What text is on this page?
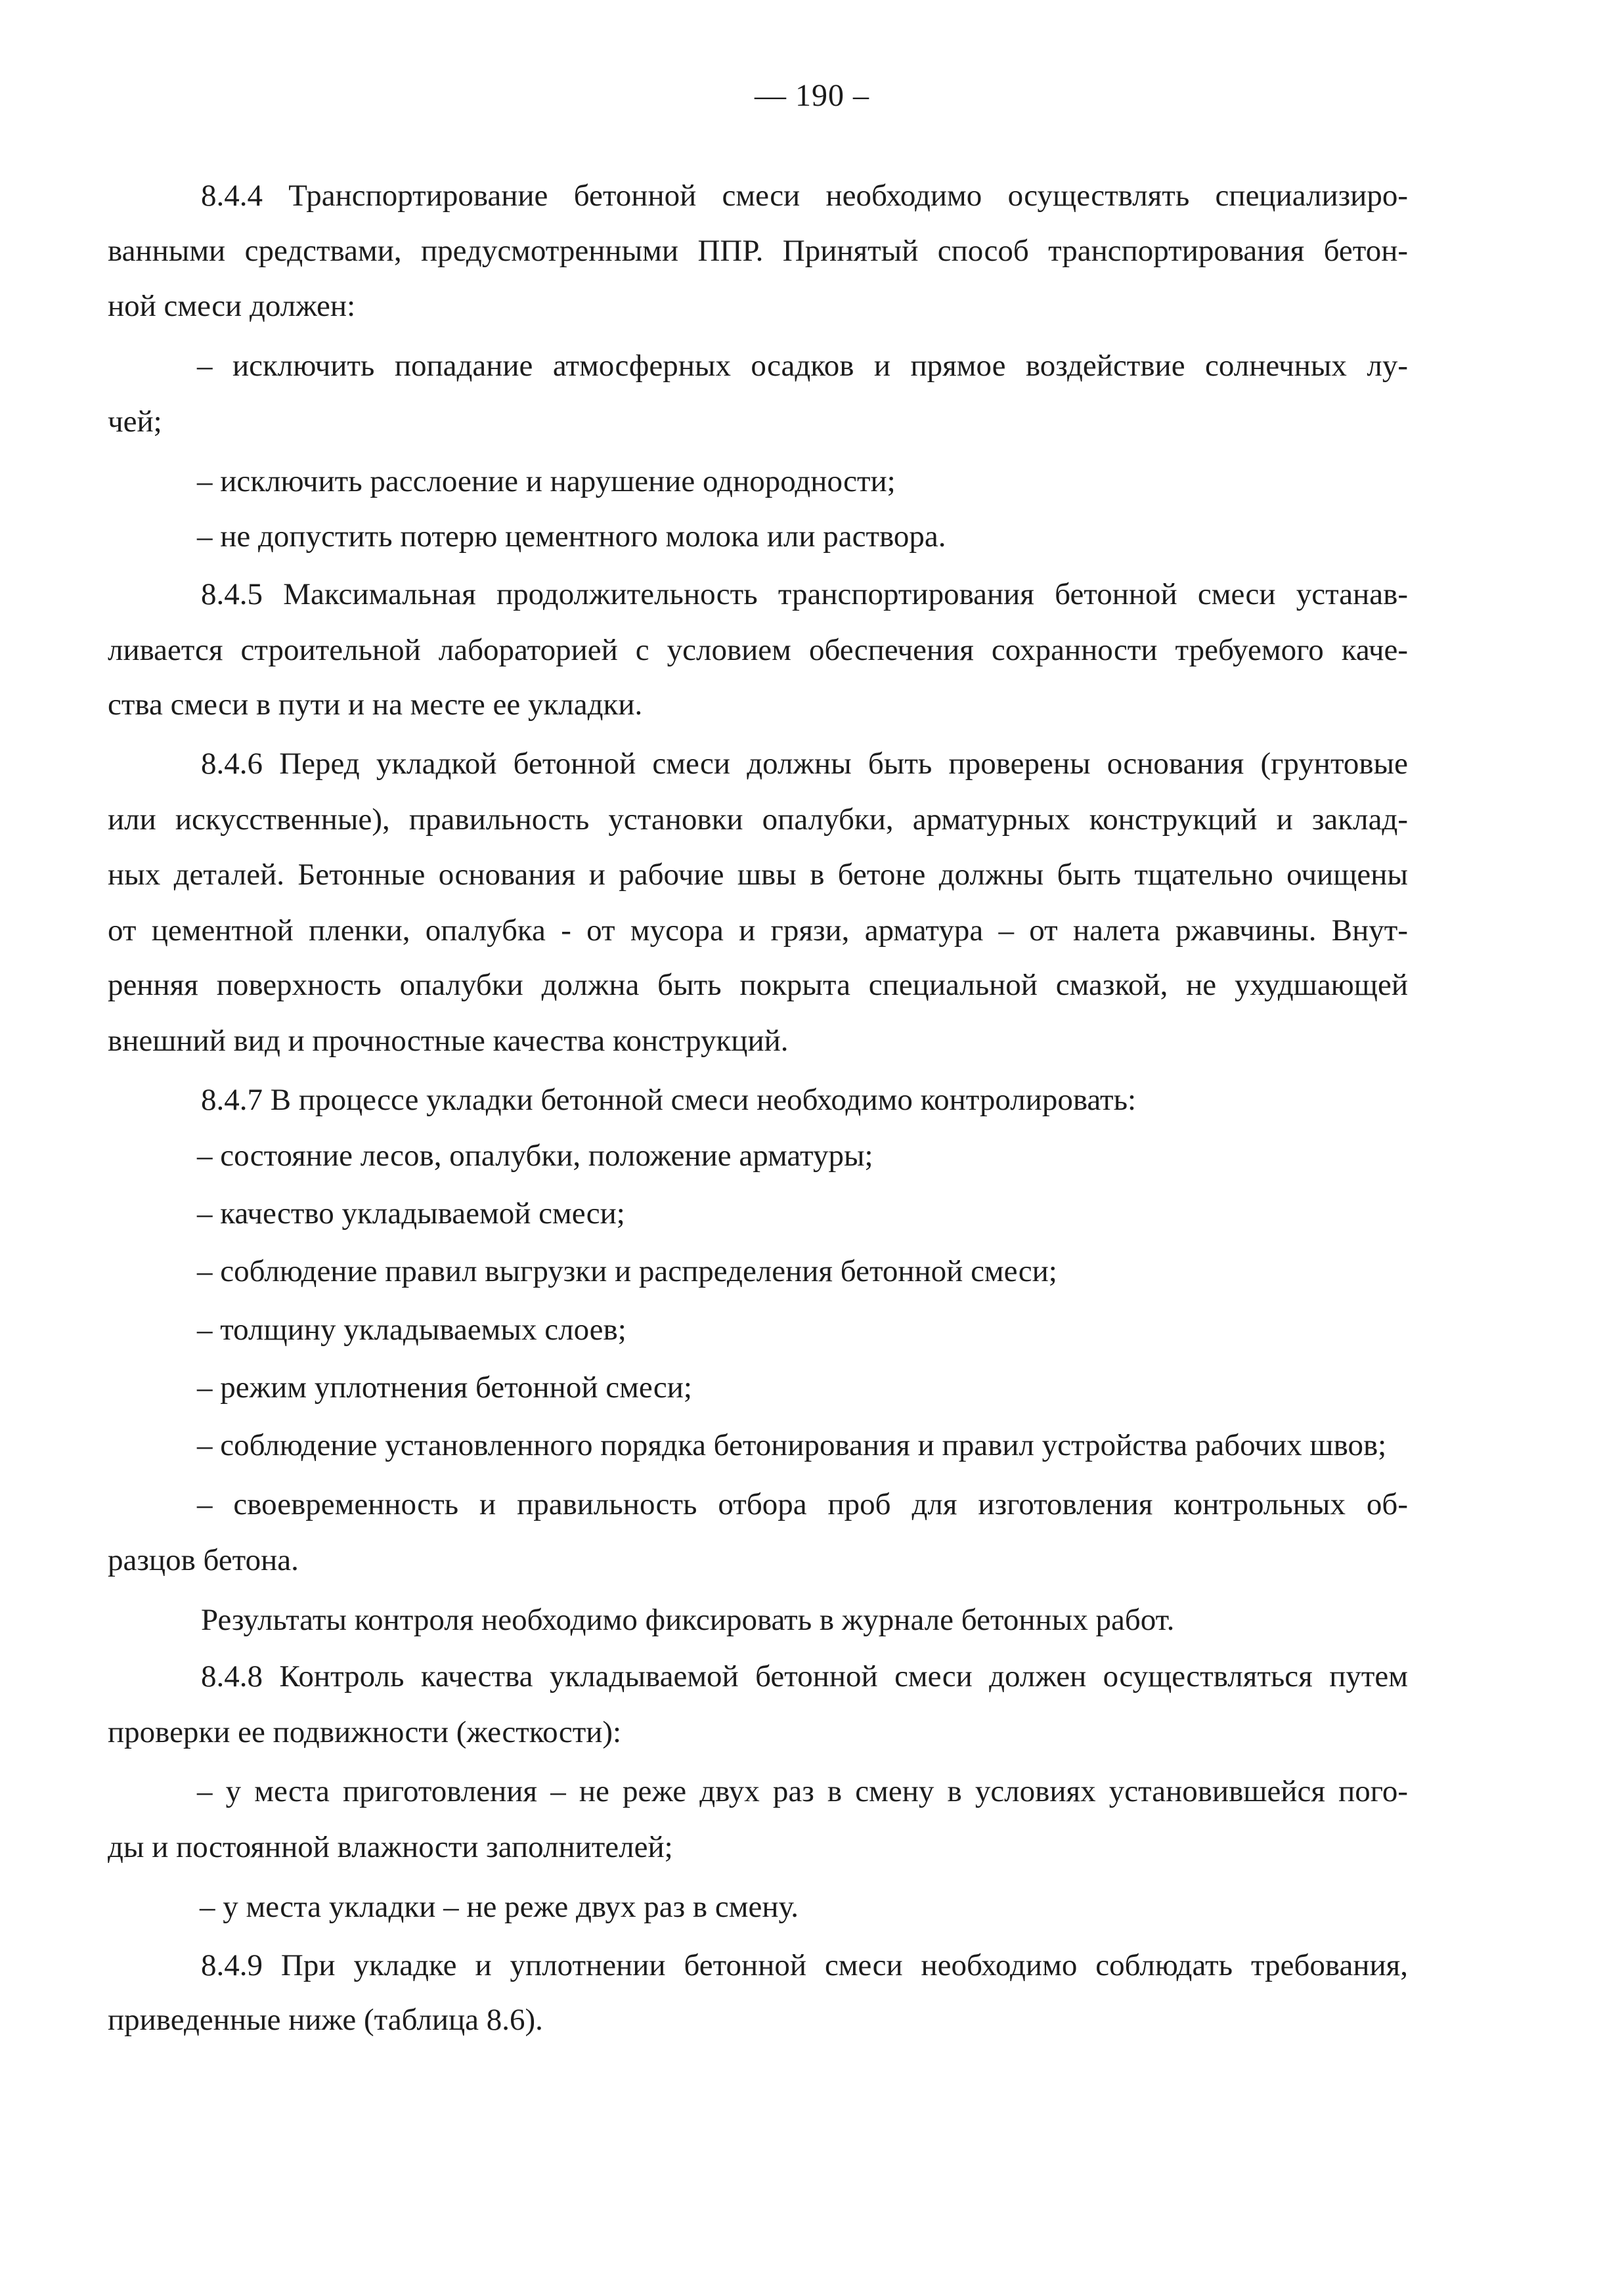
— 190 –
8.4.4 Транспортирование бетонной смеси необходимо осуществлять специализиро-
ванными средствами, предусмотренными ППР. Принятый способ транспортирования бетон-
ной смеси должен:
– исключить попадание атмосферных осадков и прямое воздействие солнечных лу-
чей;
– исключить расслоение и нарушение однородности;
– не допустить потерю цементного молока или раствора.
8.4.5 Максимальная продолжительность транспортирования бетонной смеси устанав-
ливается строительной лабораторией с условием обеспечения сохранности требуемого каче-
ства смеси в пути и на месте ее укладки.
8.4.6 Перед укладкой бетонной смеси должны быть проверены основания (грунтовые
или искусственные), правильность установки опалубки, арматурных конструкций и заклад-
ных деталей. Бетонные основания и рабочие швы в бетоне должны быть тщательно очищены
от цементной пленки, опалубка - от мусора и грязи, арматура – от налета ржавчины. Внут-
ренняя поверхность опалубки должна быть покрыта специальной смазкой, не ухудшающей
внешний вид и прочностные качества конструкций.
8.4.7 В процессе укладки бетонной смеси необходимо контролировать:
– состояние лесов, опалубки, положение арматуры;
– качество укладываемой смеси;
– соблюдение правил выгрузки и распределения бетонной смеси;
– толщину укладываемых слоев;
– режим уплотнения бетонной смеси;
– соблюдение установленного порядка бетонирования и правил устройства рабочих швов;
– своевременность и правильность отбора проб для изготовления контрольных об-
разцов бетона.
Результаты контроля необходимо фиксировать в журнале бетонных работ.
8.4.8 Контроль качества укладываемой бетонной смеси должен осуществляться путем
проверки ее подвижности (жесткости):
– у места приготовления – не реже двух раз в смену в условиях установившейся пого-
ды и постоянной влажности заполнителей;
– у места укладки – не реже двух раз в смену.
8.4.9 При укладке и уплотнении бетонной смеси необходимо соблюдать требования,
приведенные ниже (таблица 8.6).
